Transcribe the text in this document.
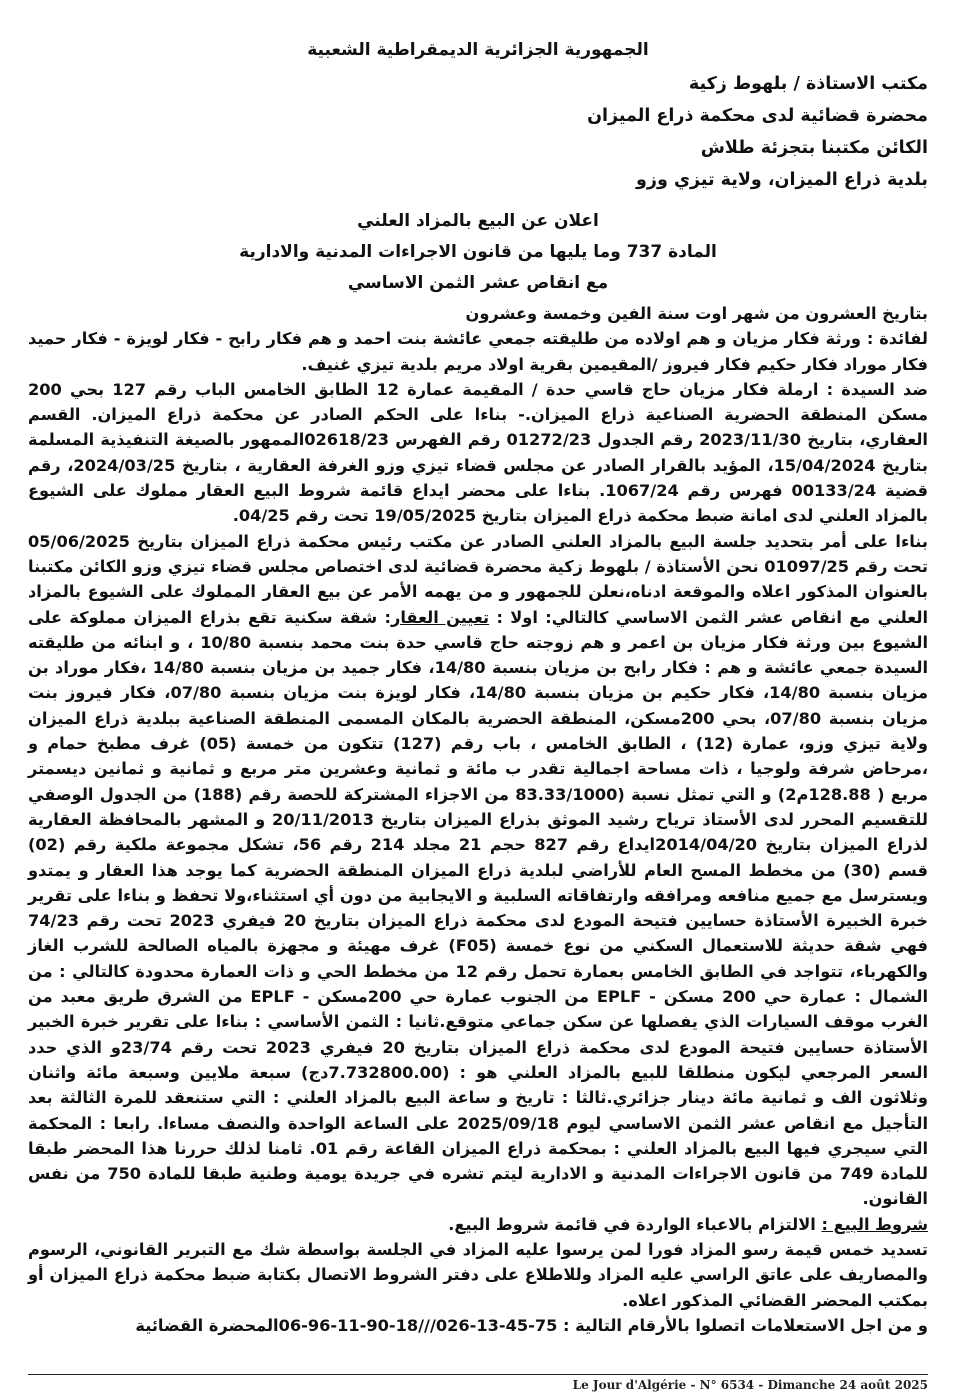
الجمهورية الجزائرية الديمقراطية الشعبية
مكتب الاستاذة / بلهوط زكية
محضرة قضائية لدى محكمة ذراع الميزان
الكائن مكتبنا بتجزئة طلاش
بلدية ذراع الميزان، ولاية تيزي وزو
اعلان عن البيع بالمزاد العلني
المادة 737 وما يليها من قانون الاجراءات المدنية والادارية
مع انقاص عشر الثمن الاساسي

بتاريخ العشرون من شهر اوت سنة الفين وخمسة وعشرون

لفائدة : ورثة فكار مزيان و هم اولاده من طليقته جمعي عائشة بنت احمد و هم فكار رابح - فكار لويزة - فكار حميد فكار موراد فكار حكيم فكار فيروز /المقيمين بقرية اولاد مريم بلدية تيزي غنيف.

ضد السيدة : ارملة فكار مزيان حاج قاسي حدة / المقيمة عمارة 12 الطابق الخامس الباب رقم 127 بحي 200 مسكن المنطقة الحضرية الصناعية ذراع الميزان.- بناءا على الحكم الصادر عن محكمة ذراع الميزان. القسم العقاري، بتاريخ 2023/11/30 رقم الجدول 01272/23 رقم الفهرس 02618/23الممهور بالصيغة التنفيذية المسلمة بتاريخ 15/04/2024، المؤيد بالقرار الصادر عن مجلس قضاء تيزي وزو الغرفة العقارية ، بتاريخ 2024/03/25، رقم قضية 00133/24 فهرس رقم 1067/24. بناءا على محضر ايداع قائمة شروط البيع العقار مملوك على الشيوع بالمزاد العلني لدى امانة ضبط محكمة ذراع الميزان بتاريخ 19/05/2025 تحت رقم 04/25.

بناءا على أمر بتحديد جلسة البيع بالمزاد العلني الصادر عن مكتب رئيس محكمة ذراع الميزان بتاريخ 05/06/2025 تحت رقم 01097/25 نحن الأستاذة / بلهوط زكية محضرة قضائية لدى اختصاص مجلس قضاء تيزي وزو الكائن مكتبنا بالعنوان المذكور اعلاه والموقعة ادناه،نعلن للجمهور و من يهمه الأمر عن بيع العقار المملوك على الشيوع بالمزاد العلني مع انقاص عشر الثمن الاساسي كالتالي: اولا : تعيين العقار: شقة سكنية تقع بذراع الميزان مملوكة على الشيوع بين ورثة فكار مزيان بن اعمر و هم زوجته حاج قاسي حدة بنت محمد بنسبة 10/80 ، و ابنائه من طليقته السيدة جمعي عائشة و هم : فكار رابح بن مزيان بنسبة 14/80، فكار جميد بن مزيان بنسبة 14/80 ،فكار موراد بن مزيان بنسبة 14/80، فكار حكيم بن مزيان بنسبة 14/80، فكار لويزة بنت مزيان بنسبة 07/80، فكار فيروز بنت مزيان بنسبة 07/80، بحي 200مسكن، المنطقة الحضرية بالمكان المسمى المنطقة الصناعية ببلدية ذراع الميزان ولاية تيزي وزو، عمارة (12) ، الطابق الخامس ، باب رقم (127) تتكون من خمسة (05) غرف مطبخ حمام و ،مرحاض شرفة ولوجيا ، ذات مساحة اجمالية تقدر ب مائة و ثمانية وعشرين متر مربع و ثمانية و ثمانين ديسمتر مربع ( 128.88م2) و التي تمثل نسبة (83.33/1000 من الاجزاء المشتركة للحصة رقم (188) من الجدول الوصفي للتقسيم المحرر لدى الأستاذ ترياح رشيد الموثق بذراع الميزان بتاريخ 20/11/2013 و المشهر بالمحافظة العقارية لذراع الميزان بتاريخ 2014/04/20ايداع رقم 827 حجم 21 مجلد 214 رقم 56، تشكل مجموعة ملكية رقم (02) قسم (30) من مخطط المسح العام للأراضي لبلدية ذراع الميزان المنطقة الحضرية كما يوجد هذا العقار و يمتدو ويسترسل مع جميع منافعه ومرافقه وارتفاقاته السلبية و الايجابية من دون أي استثناء،ولا تحفظ و بناءا على تقرير خبرة الخبيرة الأستاذة حسايين فتيحة المودع لدى محكمة ذراع الميزان بتاريخ 20 فيفري 2023 تحت رقم 74/23 فهي شقة حديثة للاستعمال السكني من نوع خمسة (F05) غرف مهيئة و مجهزة بالمياه الصالحة للشرب الغاز والكهرباء، تتواجد في الطابق الخامس بعمارة تحمل رقم 12 من مخطط الحي و ذات العمارة محدودة كالتالي : من الشمال : عمارة حي 200 مسكن - EPLF من الجنوب عمارة حي 200مسكن - EPLF من الشرق طريق معبد من الغرب موقف السيارات الذي يفصلها عن سكن جماعي متوقع.ثانيا : الثمن الأساسي : بناءا على تقرير خبرة الخبير الأستاذة حسايين فتيحة المودع لدى محكمة ذراع الميزان بتاريخ 20 فيفري 2023 تحت رقم 23/74و الذي حدد السعر المرجعي ليكون منطلقا للبيع بالمزاد العلني هو : (7.732800.00دج) سبعة ملايين وسبعة مائة واثنان وثلاثون الف و ثمانية مائة دينار جزائري.ثالثا : تاريخ و ساعة البيع بالمزاد العلني : التي ستنعقد للمرة الثالثة بعد التأجيل مع انقاص عشر الثمن الاساسي ليوم 2025/09/18 على الساعة الواحدة والنصف مساءا. رابعا : المحكمة التي سيجري فيها البيع بالمزاد العلني : بمحكمة ذراع الميزان القاعة رقم 01. ثامنا لذلك حررنا هذا المحضر طبقا للمادة 749 من قانون الاجراءات المدنية و الادارية ليتم تشره في جريدة يومية وطنية طبقا للمادة 750 من نفس القانون.

شروط البيع : الالتزام بالاعباء الواردة في قائمة شروط البيع.

تسديد خمس قيمة رسو المزاد فورا لمن يرسوا عليه المزاد في الجلسة بواسطة شك مع التبرير القانوني، الرسوم والمصاريف على عاتق الراسي عليه المزاد وللاطلاع على دفتر الشروط الاتصال بكتابة ضبط محكمة ذراع الميزان أو بمكتب المحضر القضائي المذكور اعلاه.

و من اجل الاستعلامات اتصلوا بالأرقام التالية : 75-45-13-026///18-90-11-96-06المحضرة القضائية

Le Jour d'Algérie - N° 6534 - Dimanche 24 août 2025
